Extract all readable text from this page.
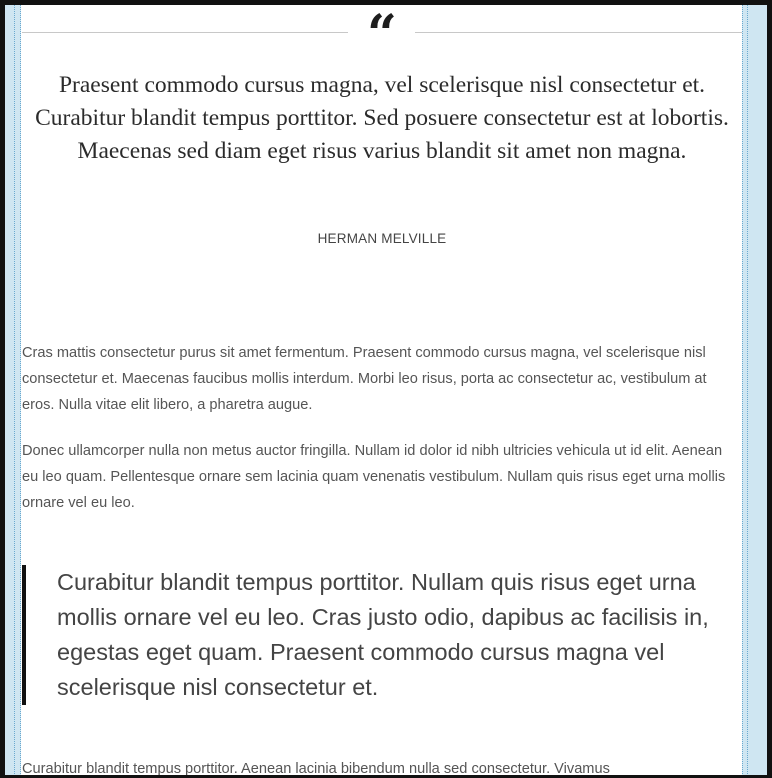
“

Praesent commodo cursus magna, vel scelerisque nisl consectetur et. Curabitur blandit tempus porttitor. Sed posuere consectetur est at lobortis. Maecenas sed diam eget risus varius blandit sit amet non magna.

HERMAN MELVILLE

Cras mattis consectetur purus sit amet fermentum. Praesent commodo cursus magna, vel scelerisque nisl consectetur et. Maecenas faucibus mollis interdum. Morbi leo risus, porta ac consectetur ac, vestibulum at eros. Nulla vitae elit libero, a pharetra augue.

Donec ullamcorper nulla non metus auctor fringilla. Nullam id dolor id nibh ultricies vehicula ut id elit. Aenean eu leo quam. Pellentesque ornare sem lacinia quam venenatis vestibulum. Nullam quis risus eget urna mollis ornare vel eu leo.

Curabitur blandit tempus porttitor. Nullam quis risus eget urna mollis ornare vel eu leo. Cras justo odio, dapibus ac facilisis in, egestas eget quam. Praesent commodo cursus magna vel scelerisque nisl consectetur et.

Curabitur blandit tempus porttitor. Aenean lacinia bibendum nulla sed consectetur. Vivamus
